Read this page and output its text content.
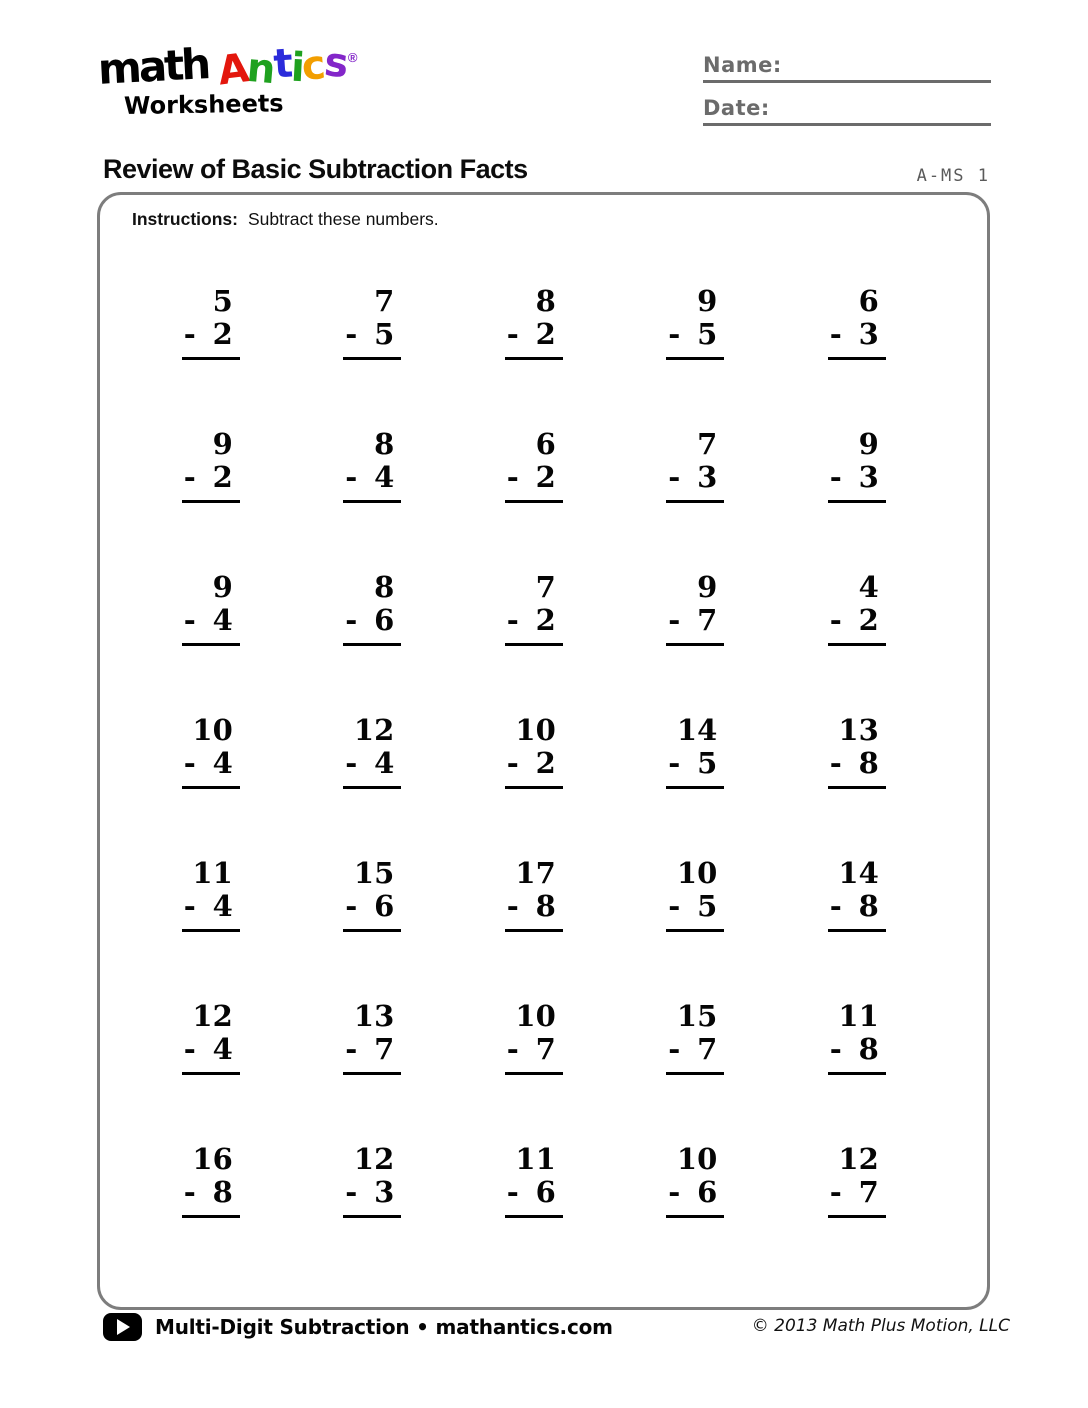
math A
n
t
i
c
s ®
Worksheets
Name:
Date:
Review of Basic Subtraction Facts	A-MS 1
Instructions: Subtract these numbers.
5
- 2
7
- 5
8
- 2
9
- 5
6
- 3
9
- 2
8
- 4
6
- 2
7
- 3
9
- 3
9
- 4
8
- 6
7
- 2
9
- 7
4
- 2
10
- 4
12
- 4
10
- 2
14
- 5
13
- 8
11
- 4
15
- 6
17
- 8
10
- 5
14
- 8
12
- 4
13
- 7
10
- 7
15
- 7
11
- 8
16
- 8
12
- 3
11
- 6
10
- 6
12
- 7
Multi-Digit Subtraction • mathantics.com	© 2013 Math Plus Motion, LLC
